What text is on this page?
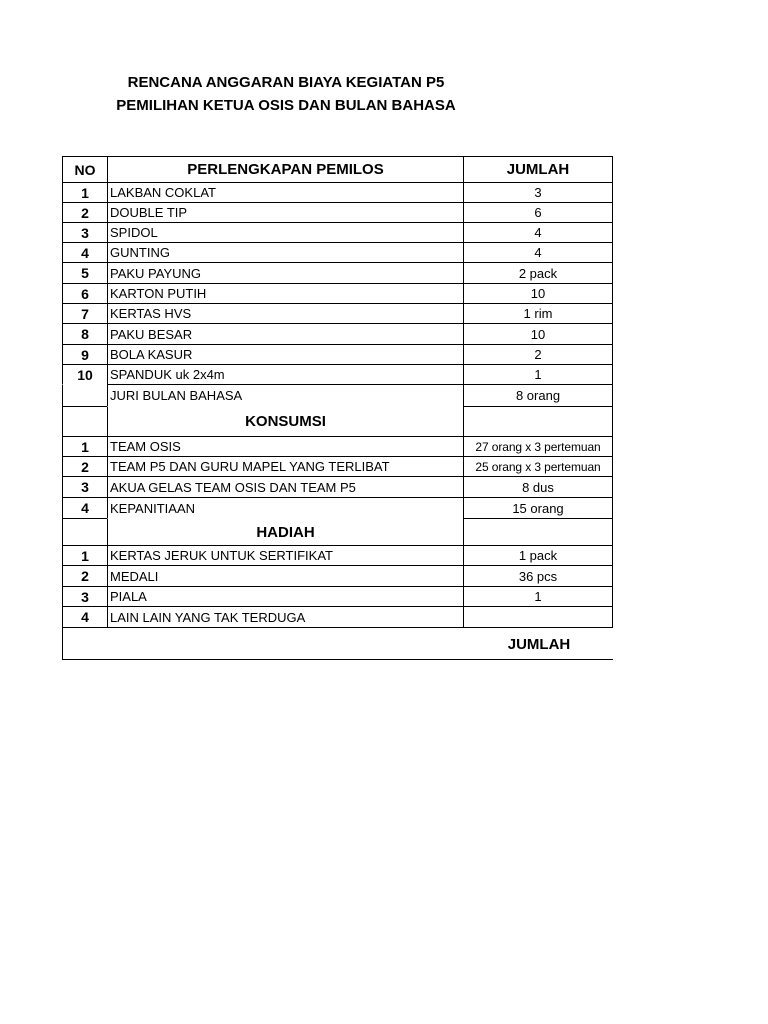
RENCANA ANGGARAN BIAYA KEGIATAN P5
PEMILIHAN KETUA OSIS DAN BULAN BAHASA
NO	PERLENGKAPAN PEMILOS	JUMLAH
1	LAKBAN COKLAT	3
2	DOUBLE TIP	6
3	SPIDOL	4
4	GUNTING	4
5	PAKU PAYUNG	2 pack
6	KARTON PUTIH	10
7	KERTAS HVS	1 rim
8	PAKU BESAR	10
9	BOLA KASUR	2
10	SPANDUK uk 2x4m	1
JURI BULAN BAHASA	8 orang
KONSUMSI
1	TEAM OSIS	27 orang x 3 pertemuan
2	TEAM P5 DAN GURU MAPEL YANG TERLIBAT	25 orang x 3 pertemuan
3	AKUA GELAS TEAM OSIS DAN TEAM P5	8 dus
4	KEPANITIAAN	15 orang
HADIAH
1	KERTAS JERUK UNTUK SERTIFIKAT	1 pack
2	MEDALI	36 pcs
3	PIALA	1
4	LAIN LAIN YANG TAK TERDUGA
JUMLAH
